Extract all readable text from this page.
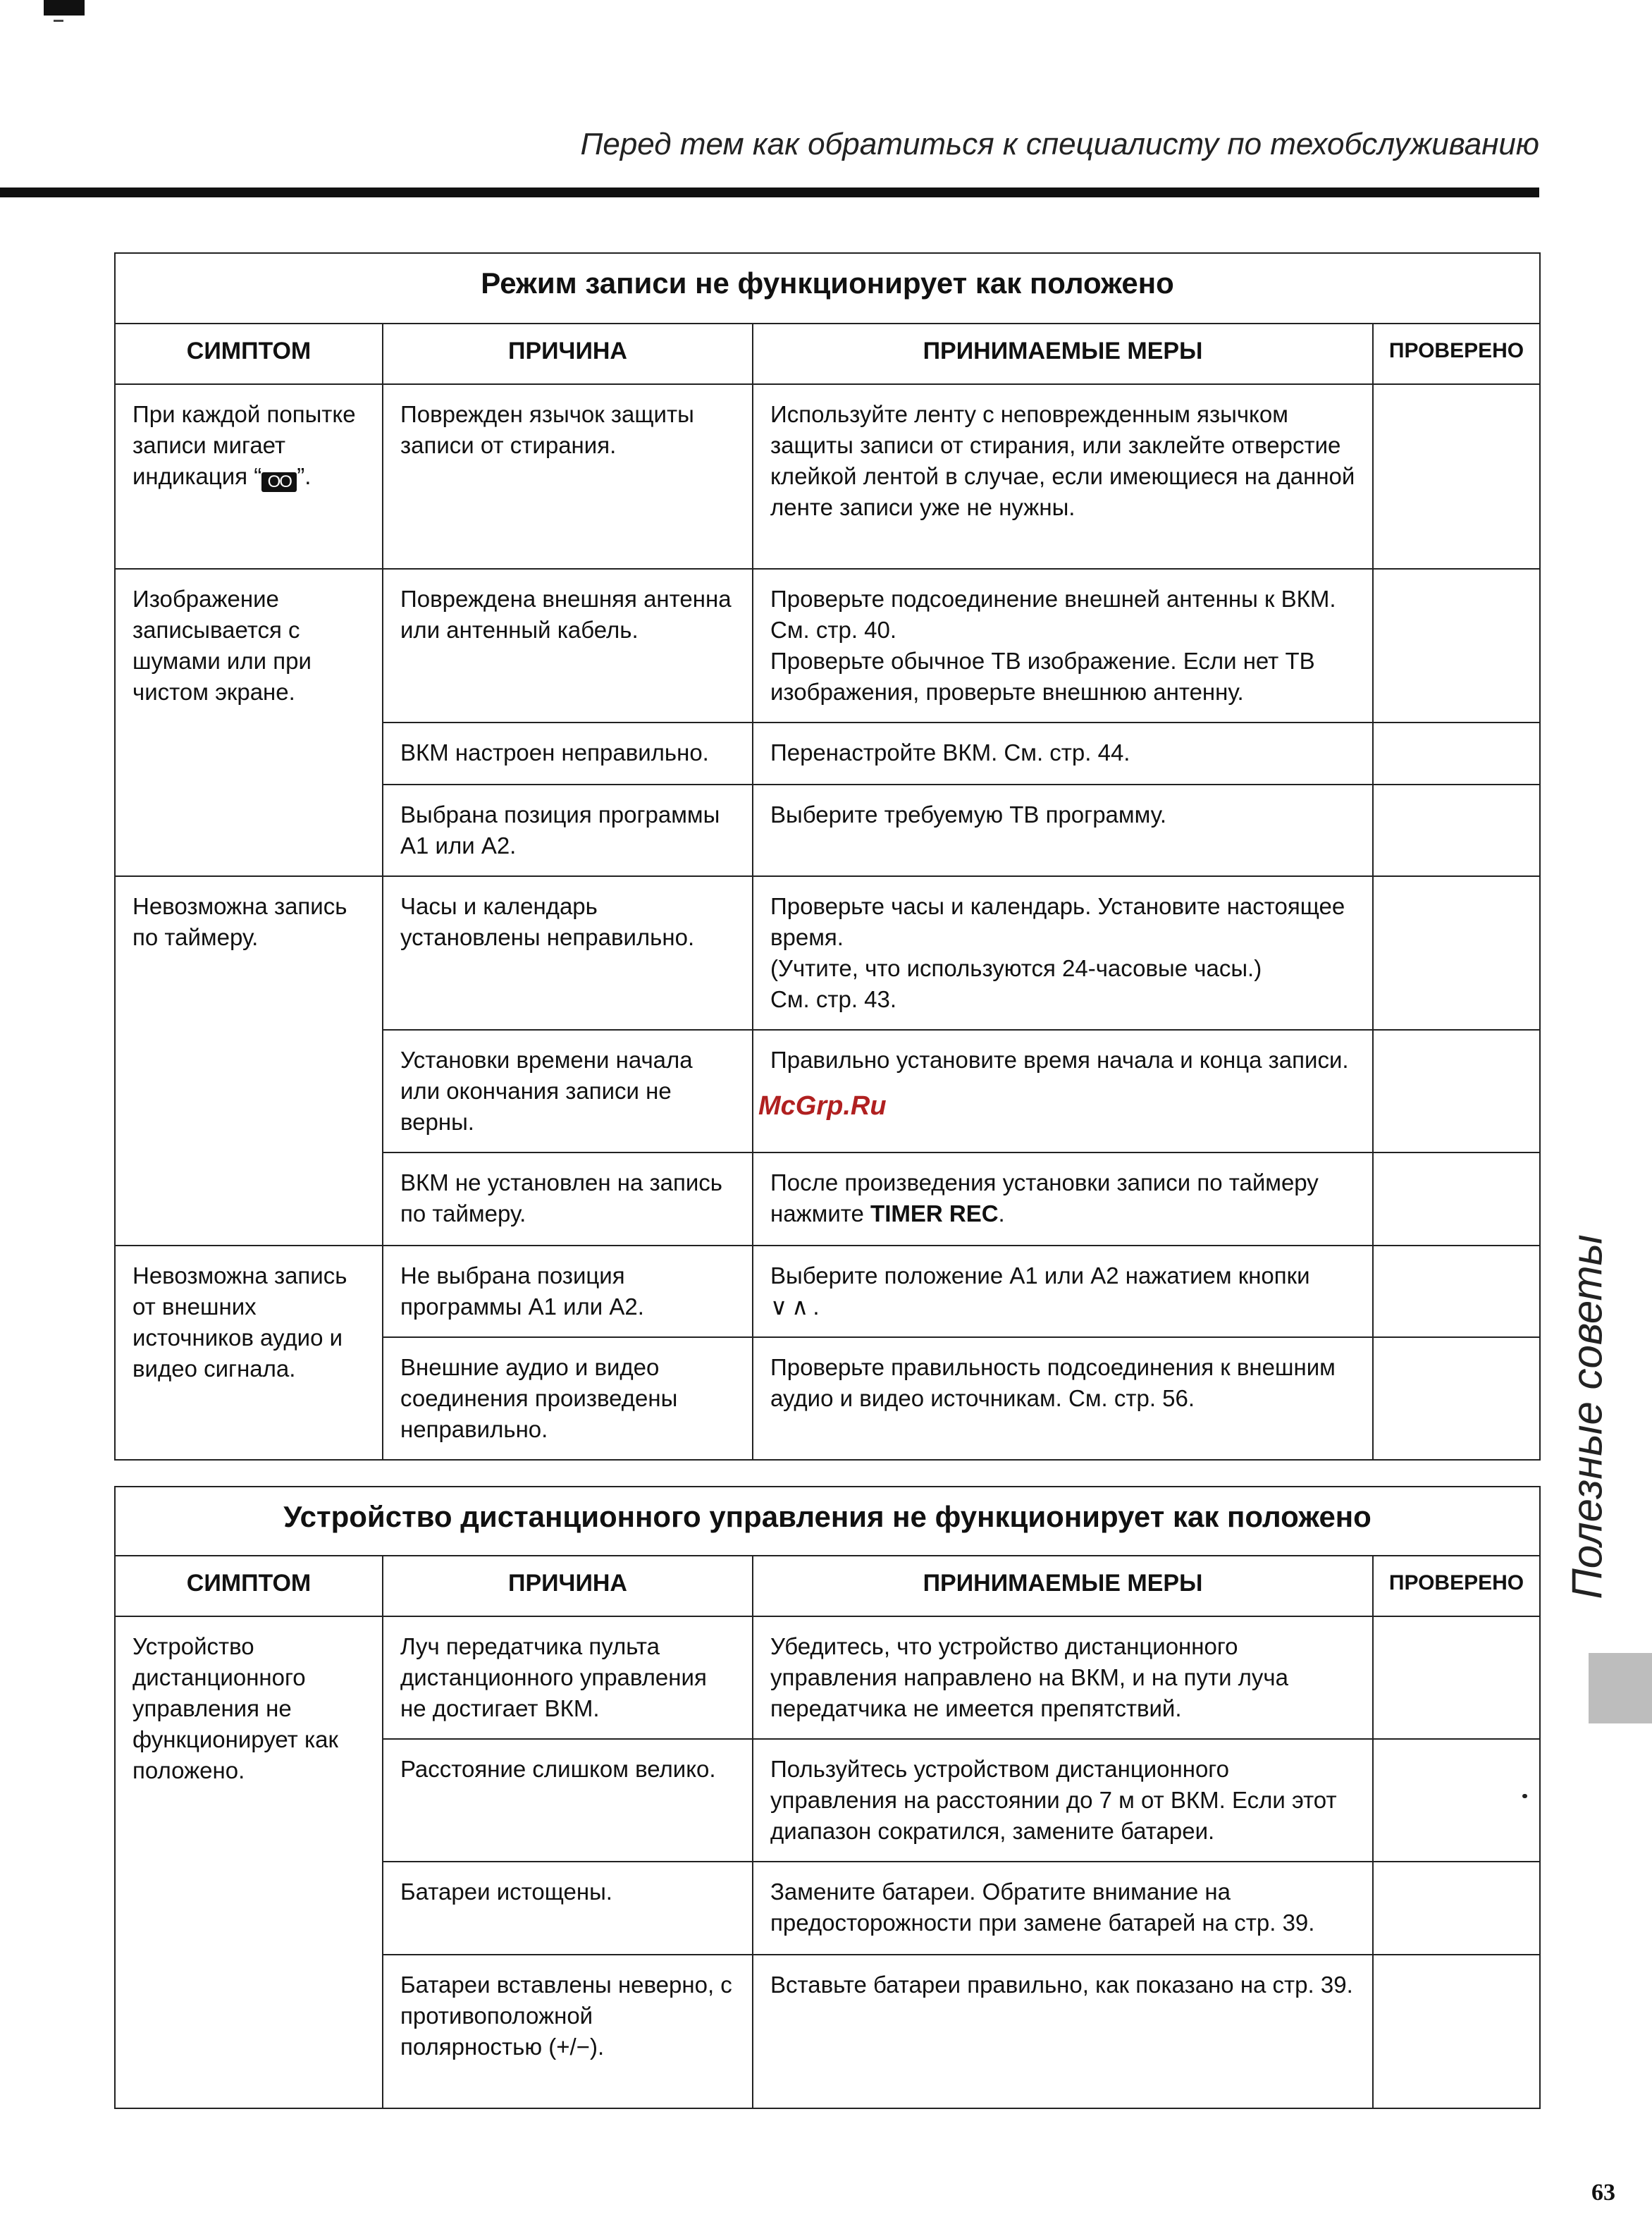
Перед тем как обратиться к специалисту по техобслуживанию
Режим записи не функционирует как положено			
СИМПТОМ	ПРИЧИНА	ПРИНИМАЕМЫЕ МЕРЫ	ПРОВЕРЕНО
При каждой попытке записи мигает индикация “ OO ”.	Поврежден язычок защиты записи от стирания.	Используйте ленту с неповрежденным язычком защиты записи от стирания, или заклейте отверстие клейкой лентой в случае, если имеющиеся на данной ленте записи уже не нужны.	
Изображение записывается с шумами или при чистом экране.	Повреждена внешняя антенна или антенный кабель.	Проверьте подсоединение внешней антенны к ВКМ. См. стр. 40.
Проверьте обычное ТВ изображение. Если нет ТВ изображения, проверьте внешнюю антенну.	

	ВКМ настроен неправильно.	Перенастройте ВКМ. См. стр. 44.	
	Выбрана позиция программы А1 или А2.	Выберите требуемую ТВ программу.	
Невозможна запись по таймеру.	Часы и календарь установлены неправильно.	Проверьте часы и календарь. Установите настоящее время.
(Учтите, что используются 24-часовые часы.)
См. стр. 43.	

	Установки времени начала или окончания записи не верны.	Правильно установите время начала и конца записи.	
	ВКМ не установлен на запись по таймеру.	После произведения установки записи по таймеру нажмите TIMER REC.	
Невозможна запись от внешних источников аудио и видео сигнала.	Не выбрана позиция программы А1 или А2.	Выберите положение А1 или А2 нажатием кнопки ∨∧.	
	Внешние аудио и видео соединения произведены неправильно.	Проверьте правильность подсоединения к внешним аудио и видео источникам. См. стр. 56.	
McGrp.Ru
Устройство дистанционного управления не функционирует как положено			
СИМПТОМ	ПРИЧИНА	ПРИНИМАЕМЫЕ МЕРЫ	ПРОВЕРЕНО
Устройство дистанционного управления не функционирует как положено.	Луч передатчика пульта дистанционного управления не достигает ВКМ.	Убедитесь, что устройство дистанционного управления направлено на ВКМ, и на пути луча передатчика не имеется препятствий.	
	Расстояние слишком велико.	Пользуйтесь устройством дистанционного управления на расстоянии до 7 м от ВКМ. Если этот диапазон сократился, замените батареи.	
	Батареи истощены.	Замените батареи. Обратите внимание на предосторожности при замене батарей на стр. 39.	
	Батареи вставлены неверно, с противоположной полярностью (+/−).	Вставьте батареи правильно, как показано на стр. 39.	
Полезные советы
63
